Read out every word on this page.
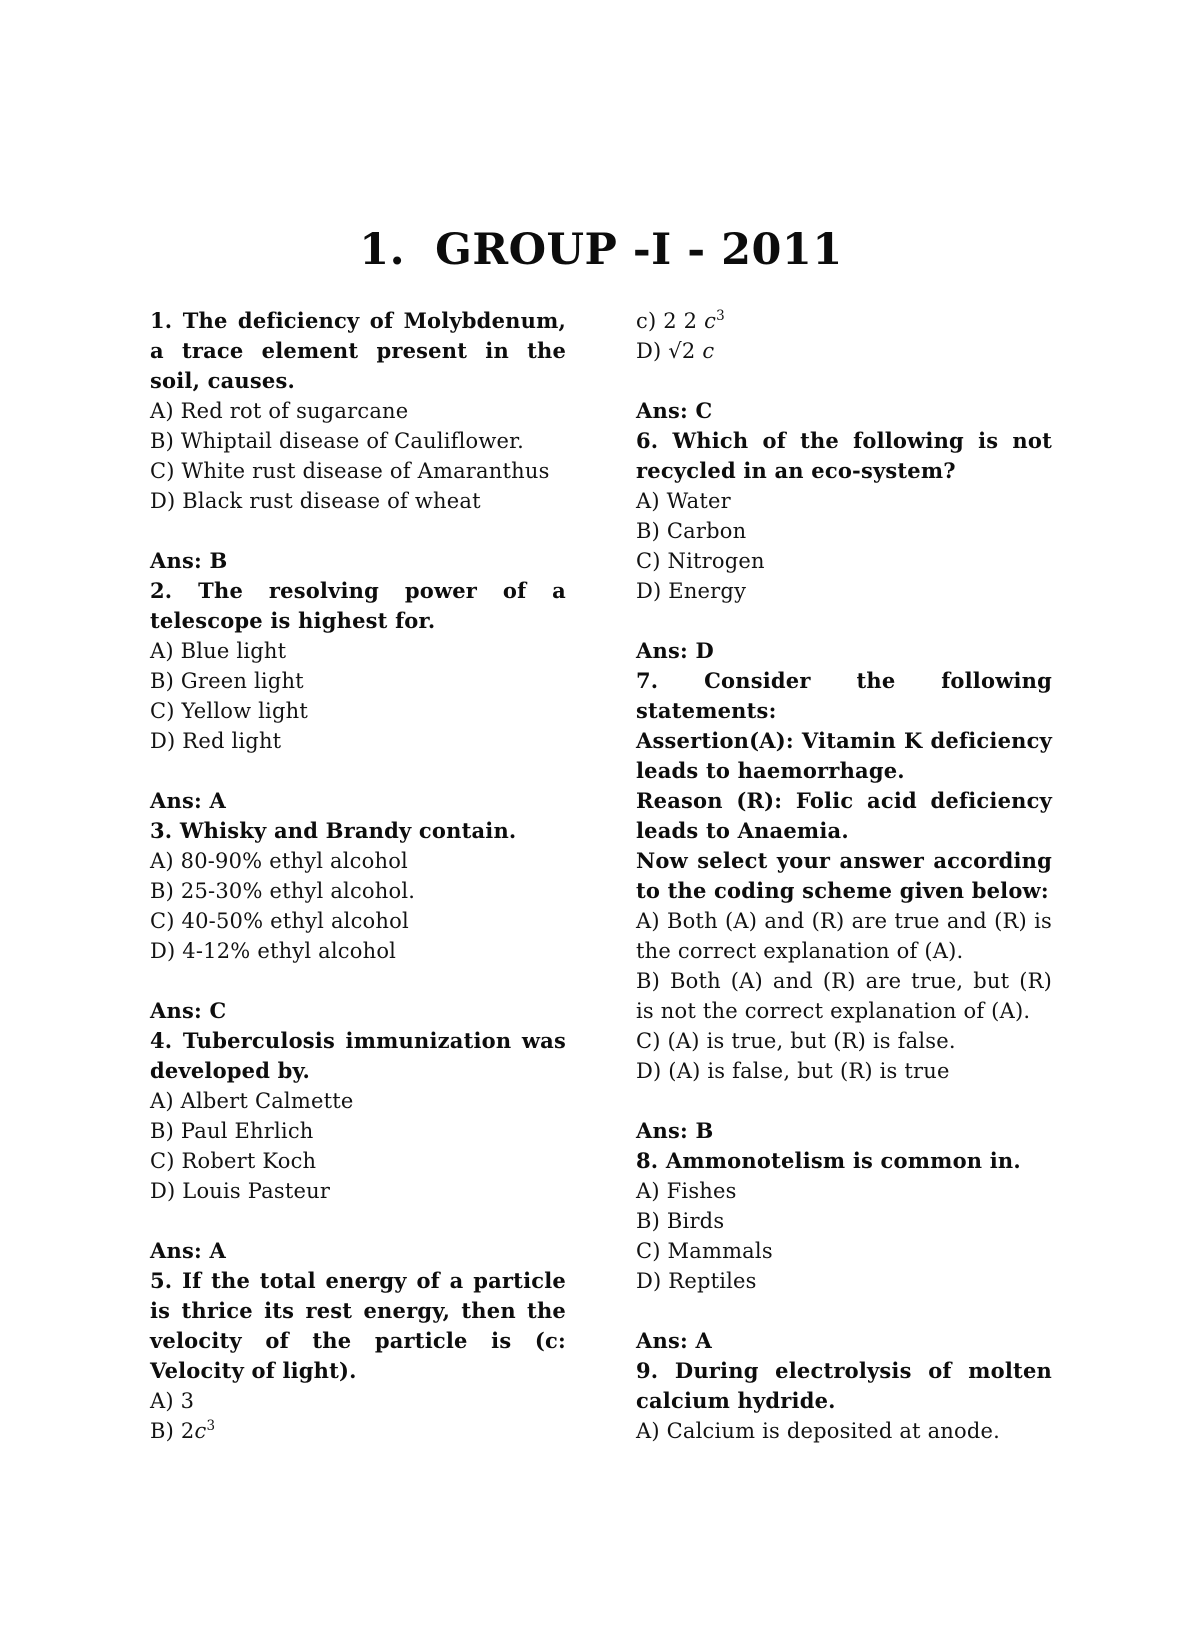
1. GROUP -I - 2011

1. The deficiency of Molybdenum, a trace element present in the soil, causes.

A) Red rot of sugarcane

B) Whiptail disease of Cauliflower.

C) White rust disease of Amaranthus

D) Black rust disease of wheat

Ans: B

2. The resolving power of a telescope is highest for.

A) Blue light

B) Green light

C) Yellow light

D) Red light

Ans: A

3. Whisky and Brandy contain.

A) 80-90% ethyl alcohol

B) 25-30% ethyl alcohol.

C) 40-50% ethyl alcohol

D) 4-12% ethyl alcohol

Ans: C

4. Tuberculosis immunization was developed by.

A) Albert Calmette

B) Paul Ehrlich

C) Robert Koch

D) Louis Pasteur

Ans: A

5. If the total energy of a particle is thrice its rest energy, then the velocity of the particle is (c: Velocity of light).

A) 3

B) $2c^3$

c) 2 2 $c^3$

D) √2 c

Ans: C

6. Which of the following is not recycled in an eco-system?

A) Water

B) Carbon

C) Nitrogen

D) Energy

Ans: D

7. Consider the following statements:

Assertion(A): Vitamin K deficiency leads to haemorrhage.

Reason (R): Folic acid deficiency leads to Anaemia.

Now select your answer according to the coding scheme given below:

A) Both (A) and (R) are true and (R) is the correct explanation of (A).

B) Both (A) and (R) are true, but (R) is not the correct explanation of (A).

C) (A) is true, but (R) is false.

D) (A) is false, but (R) is true

Ans: B

8. Ammonotelism is common in.

A) Fishes

B) Birds

C) Mammals

D) Reptiles

Ans: A

9. During electrolysis of molten calcium hydride.

A) Calcium is deposited at anode.
